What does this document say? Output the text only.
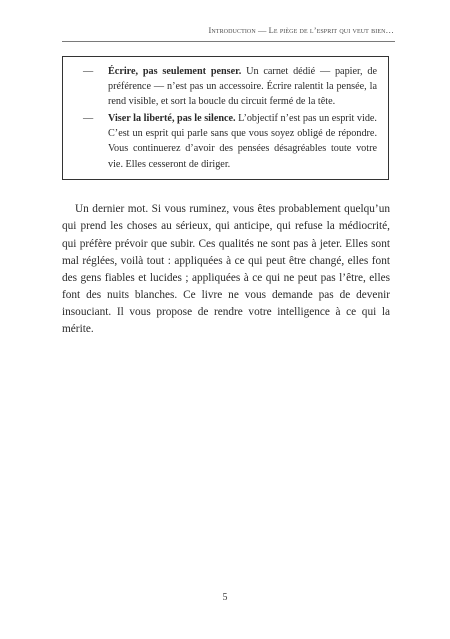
Introduction — Le piège de l’esprit qui veut bien…
— Écrire, pas seulement penser. Un carnet dédié — papier, de préférence — n’est pas un accessoire. Écrire ralentit la pensée, la rend visible, et sort la boucle du circuit fermé de la tête.
— Viser la liberté, pas le silence. L’objectif n’est pas un esprit vide. C’est un esprit qui parle sans que vous soyez obligé de répondre. Vous continuerez d’avoir des pensées désagréables toute votre vie. Elles cesseront de diriger.

Un dernier mot. Si vous ruminez, vous êtes probablement quelqu’un qui prend les choses au sérieux, qui anticipe, qui refuse la médiocrité, qui préfère prévoir que subir. Ces qualités ne sont pas à jeter. Elles sont mal réglées, voilà tout : appliquées à ce qui peut être changé, elles font des gens fiables et lucides ; appliquées à ce qui ne peut pas l’être, elles font des nuits blanches. Ce livre ne vous demande pas de devenir insouciant. Il vous propose de rendre votre intelligence à ce qui la mérite.

5
